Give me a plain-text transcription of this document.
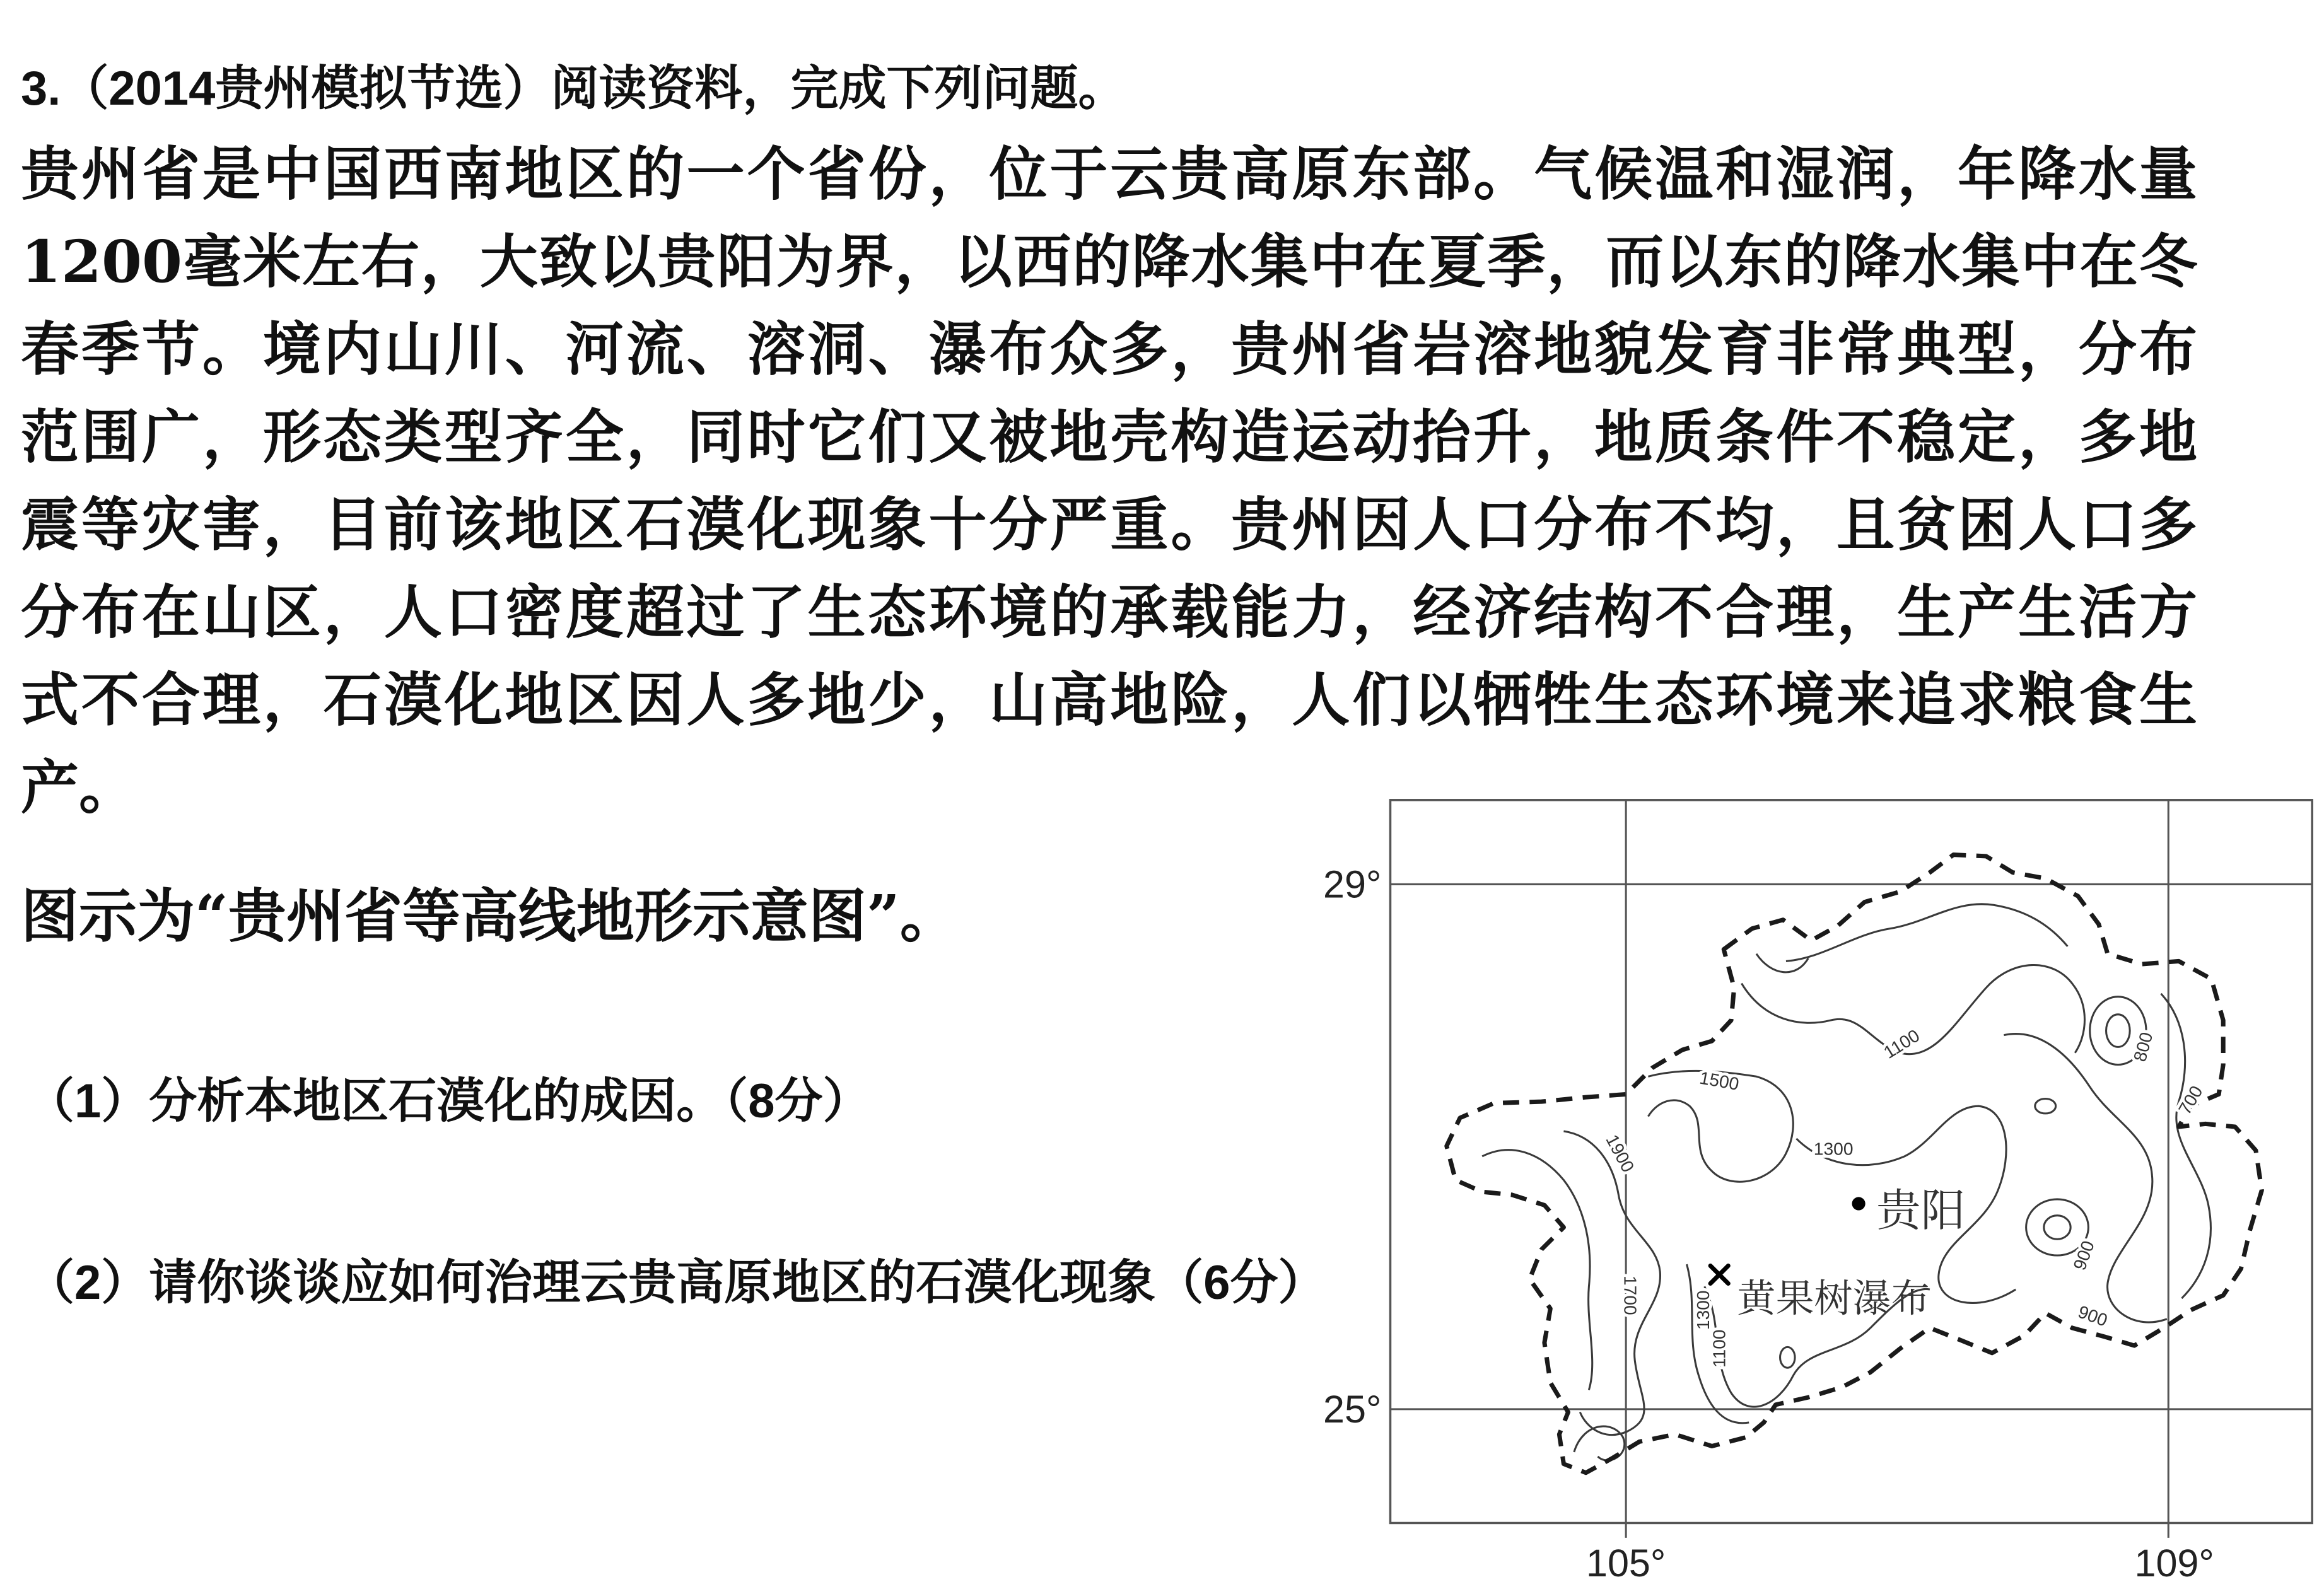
3.（2014贵州模拟节选）阅读资料，完成下列问题。
贵州省是中国西南地区的一个省份，位于云贵高原东部。气候温和湿润，年降水量
1200毫米左右，大致以贵阳为界，以西的降水集中在夏季，而以东的降水集中在冬
春季节。境内山川、河流、溶洞、瀑布众多，贵州省岩溶地貌发育非常典型，分布
范围广，形态类型齐全，同时它们又被地壳构造运动抬升，地质条件不稳定，多地
震等灾害，目前该地区石漠化现象十分严重。贵州因人口分布不均，且贫困人口多
分布在山区，人口密度超过了生态环境的承载能力，经济结构不合理，生产生活方
式不合理，石漠化地区因人多地少，山高地险，人们以牺牲生态环境来追求粮食生
产。
图示为“贵州省等高线地形示意图”。
（1）分析本地区石漠化的成因。（8分）
（2）请你谈谈应如何治理云贵高原地区的石漠化现象（6分）
29°
25°
105°	109°
贵阳
黄果树瀑布
1100
1500
1900	1300
800
700
900
1700	1300
1100
900
